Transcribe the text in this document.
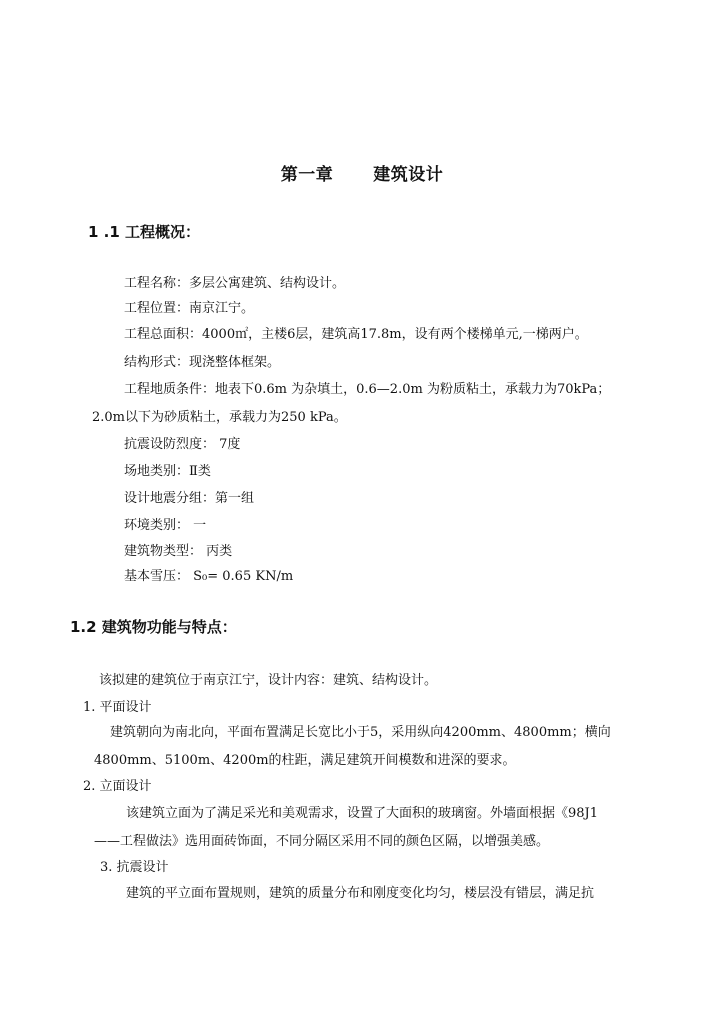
第一章 建筑设计
1 .1 工程概况：
工程名称：多层公寓建筑、结构设计。
工程位置：南京江宁。
工程总面积：4000㎡，主楼6层，建筑高17.8m，设有两个楼梯单元,一梯两户。
结构形式：现浇整体框架。
工程地质条件：地表下0.6m 为杂填土，0.6—2.0m 为粉质粘土，承载力为70kPa；
2.0m以下为砂质粘土，承载力为250 kPa。
抗震设防烈度： 7度
场地类别：Ⅱ类
设计地震分组：第一组
环境类别： 一
建筑物类型： 丙类
基本雪压： S₀= 0.65 KN/m
1.2 建筑物功能与特点：
该拟建的建筑位于南京江宁，设计内容：建筑、结构设计。
1. 平面设计
建筑朝向为南北向，平面布置满足长宽比小于5，采用纵向4200mm、4800mm；横向
4800mm、5100m、4200m的柱距，满足建筑开间模数和进深的要求。
2. 立面设计
该建筑立面为了满足采光和美观需求，设置了大面积的玻璃窗。外墙面根据《98J1
——工程做法》选用面砖饰面，不同分隔区采用不同的颜色区隔，以增强美感。
3. 抗震设计
建筑的平立面布置规则，建筑的质量分布和刚度变化均匀，楼层没有错层，满足抗
